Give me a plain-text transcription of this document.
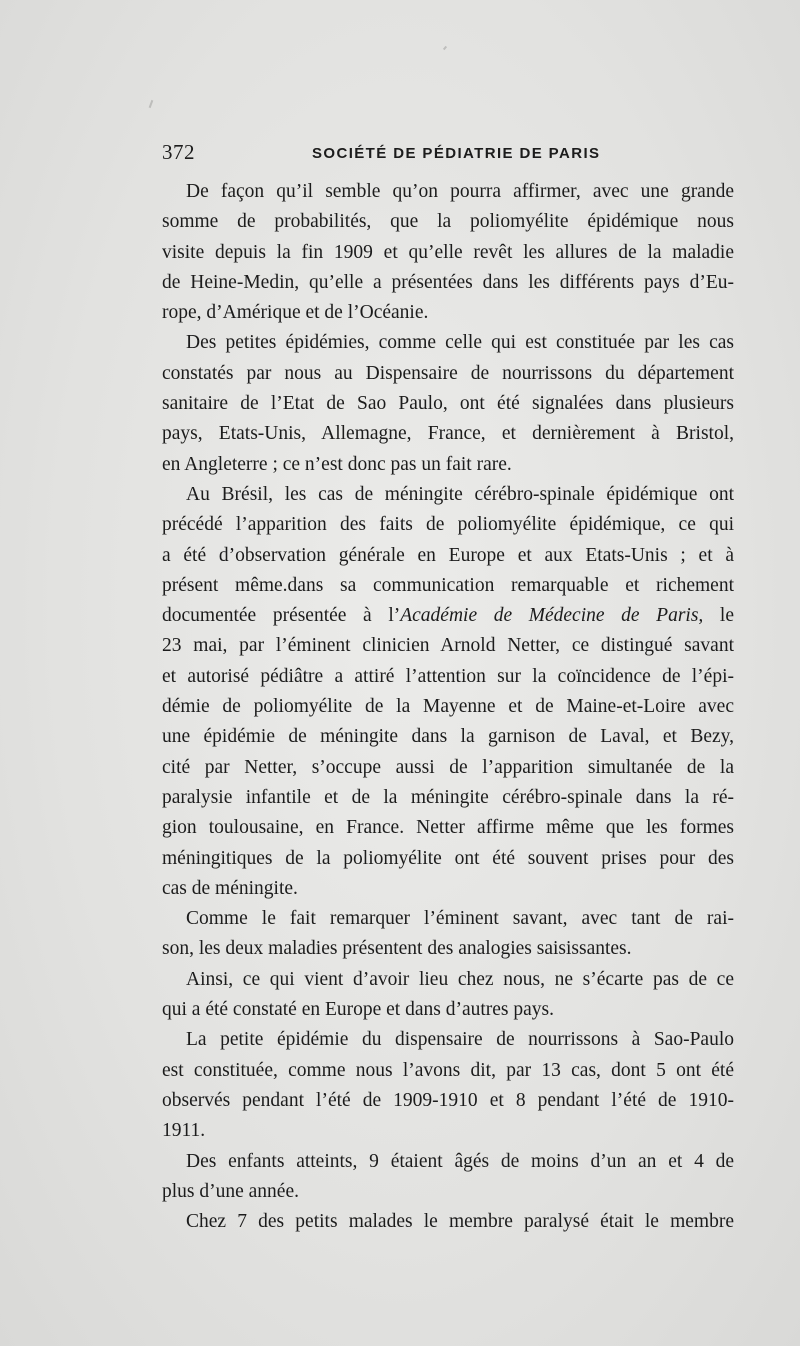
372	SOCIÉTÉ DE PÉDIATRIE DE PARIS
De façon qu’il semble qu’on pourra affirmer, avec une grande
somme de probabilités, que la poliomyélite épidémique nous
visite depuis la fin 1909 et qu’elle revêt les allures de la maladie
de Heine-Medin, qu’elle a présentées dans les différents pays d’Eu-
rope, d’Amérique et de l’Océanie.
Des petites épidémies, comme celle qui est constituée par les cas
constatés par nous au Dispensaire de nourrissons du département
sanitaire de l’Etat de Sao Paulo, ont été signalées dans plusieurs
pays, Etats-Unis, Allemagne, France, et dernièrement à Bristol,
en Angleterre ; ce n’est donc pas un fait rare.
Au Brésil, les cas de méningite cérébro-spinale épidémique ont
précédé l’apparition des faits de poliomyélite épidémique, ce qui
a été d’observation générale en Europe et aux Etats-Unis ; et à
présent même.dans sa communication remarquable et richement
documentée présentée à l’Académie de Médecine de Paris, le
23 mai, par l’éminent clinicien Arnold Netter, ce distingué savant
et autorisé pédiâtre a attiré l’attention sur la coïncidence de l’épi-
démie de poliomyélite de la Mayenne et de Maine-et-Loire avec
une épidémie de méningite dans la garnison de Laval, et Bezy,
cité par Netter, s’occupe aussi de l’apparition simultanée de la
paralysie infantile et de la méningite cérébro-spinale dans la ré-
gion toulousaine, en France. Netter affirme même que les formes
méningitiques de la poliomyélite ont été souvent prises pour des
cas de méningite.
Comme le fait remarquer l’éminent savant, avec tant de rai-
son, les deux maladies présentent des analogies saisissantes.
Ainsi, ce qui vient d’avoir lieu chez nous, ne s’écarte pas de ce
qui a été constaté en Europe et dans d’autres pays.
La petite épidémie du dispensaire de nourrissons à Sao-Paulo
est constituée, comme nous l’avons dit, par 13 cas, dont 5 ont été
observés pendant l’été de 1909-1910 et 8 pendant l’été de 1910-
1911.
Des enfants atteints, 9 étaient âgés de moins d’un an et 4 de
plus d’une année.
Chez 7 des petits malades le membre paralysé était le membre
